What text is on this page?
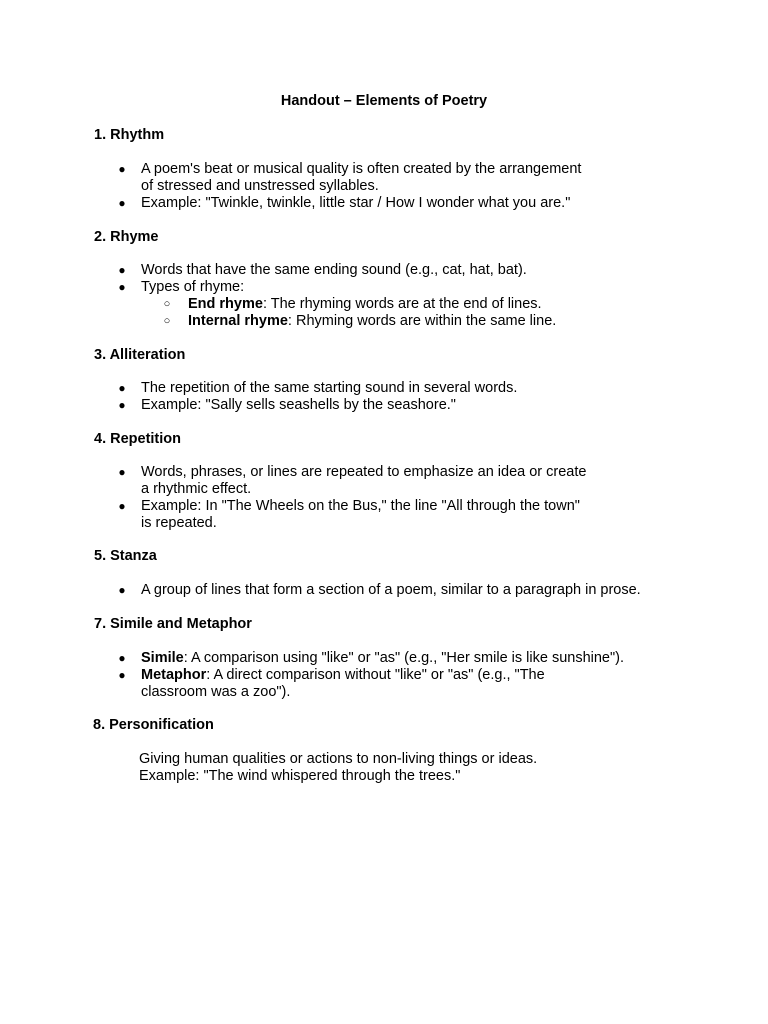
Handout – Elements of Poetry
1. Rhythm
● A poem's beat or musical quality is often created by the arrangement
of stressed and unstressed syllables.
● Example: "Twinkle, twinkle, little star / How I wonder what you are."
2. Rhyme
● Words that have the same ending sound (e.g., cat, hat, bat).
● Types of rhyme:
○ End rhyme: The rhyming words are at the end of lines.
○ Internal rhyme: Rhyming words are within the same line.
3. Alliteration
● The repetition of the same starting sound in several words.
● Example: "Sally sells seashells by the seashore."
4. Repetition
● Words, phrases, or lines are repeated to emphasize an idea or create
a rhythmic effect.
● Example: In "The Wheels on the Bus," the line "All through the town"
is repeated.
5. Stanza
● A group of lines that form a section of a poem, similar to a paragraph in prose.
7. Simile and Metaphor
● Simile: A comparison using "like" or "as" (e.g., "Her smile is like sunshine").
● Metaphor: A direct comparison without "like" or "as" (e.g., "The
classroom was a zoo").
8. Personification
Giving human qualities or actions to non-living things or ideas.
Example: "The wind whispered through the trees."
